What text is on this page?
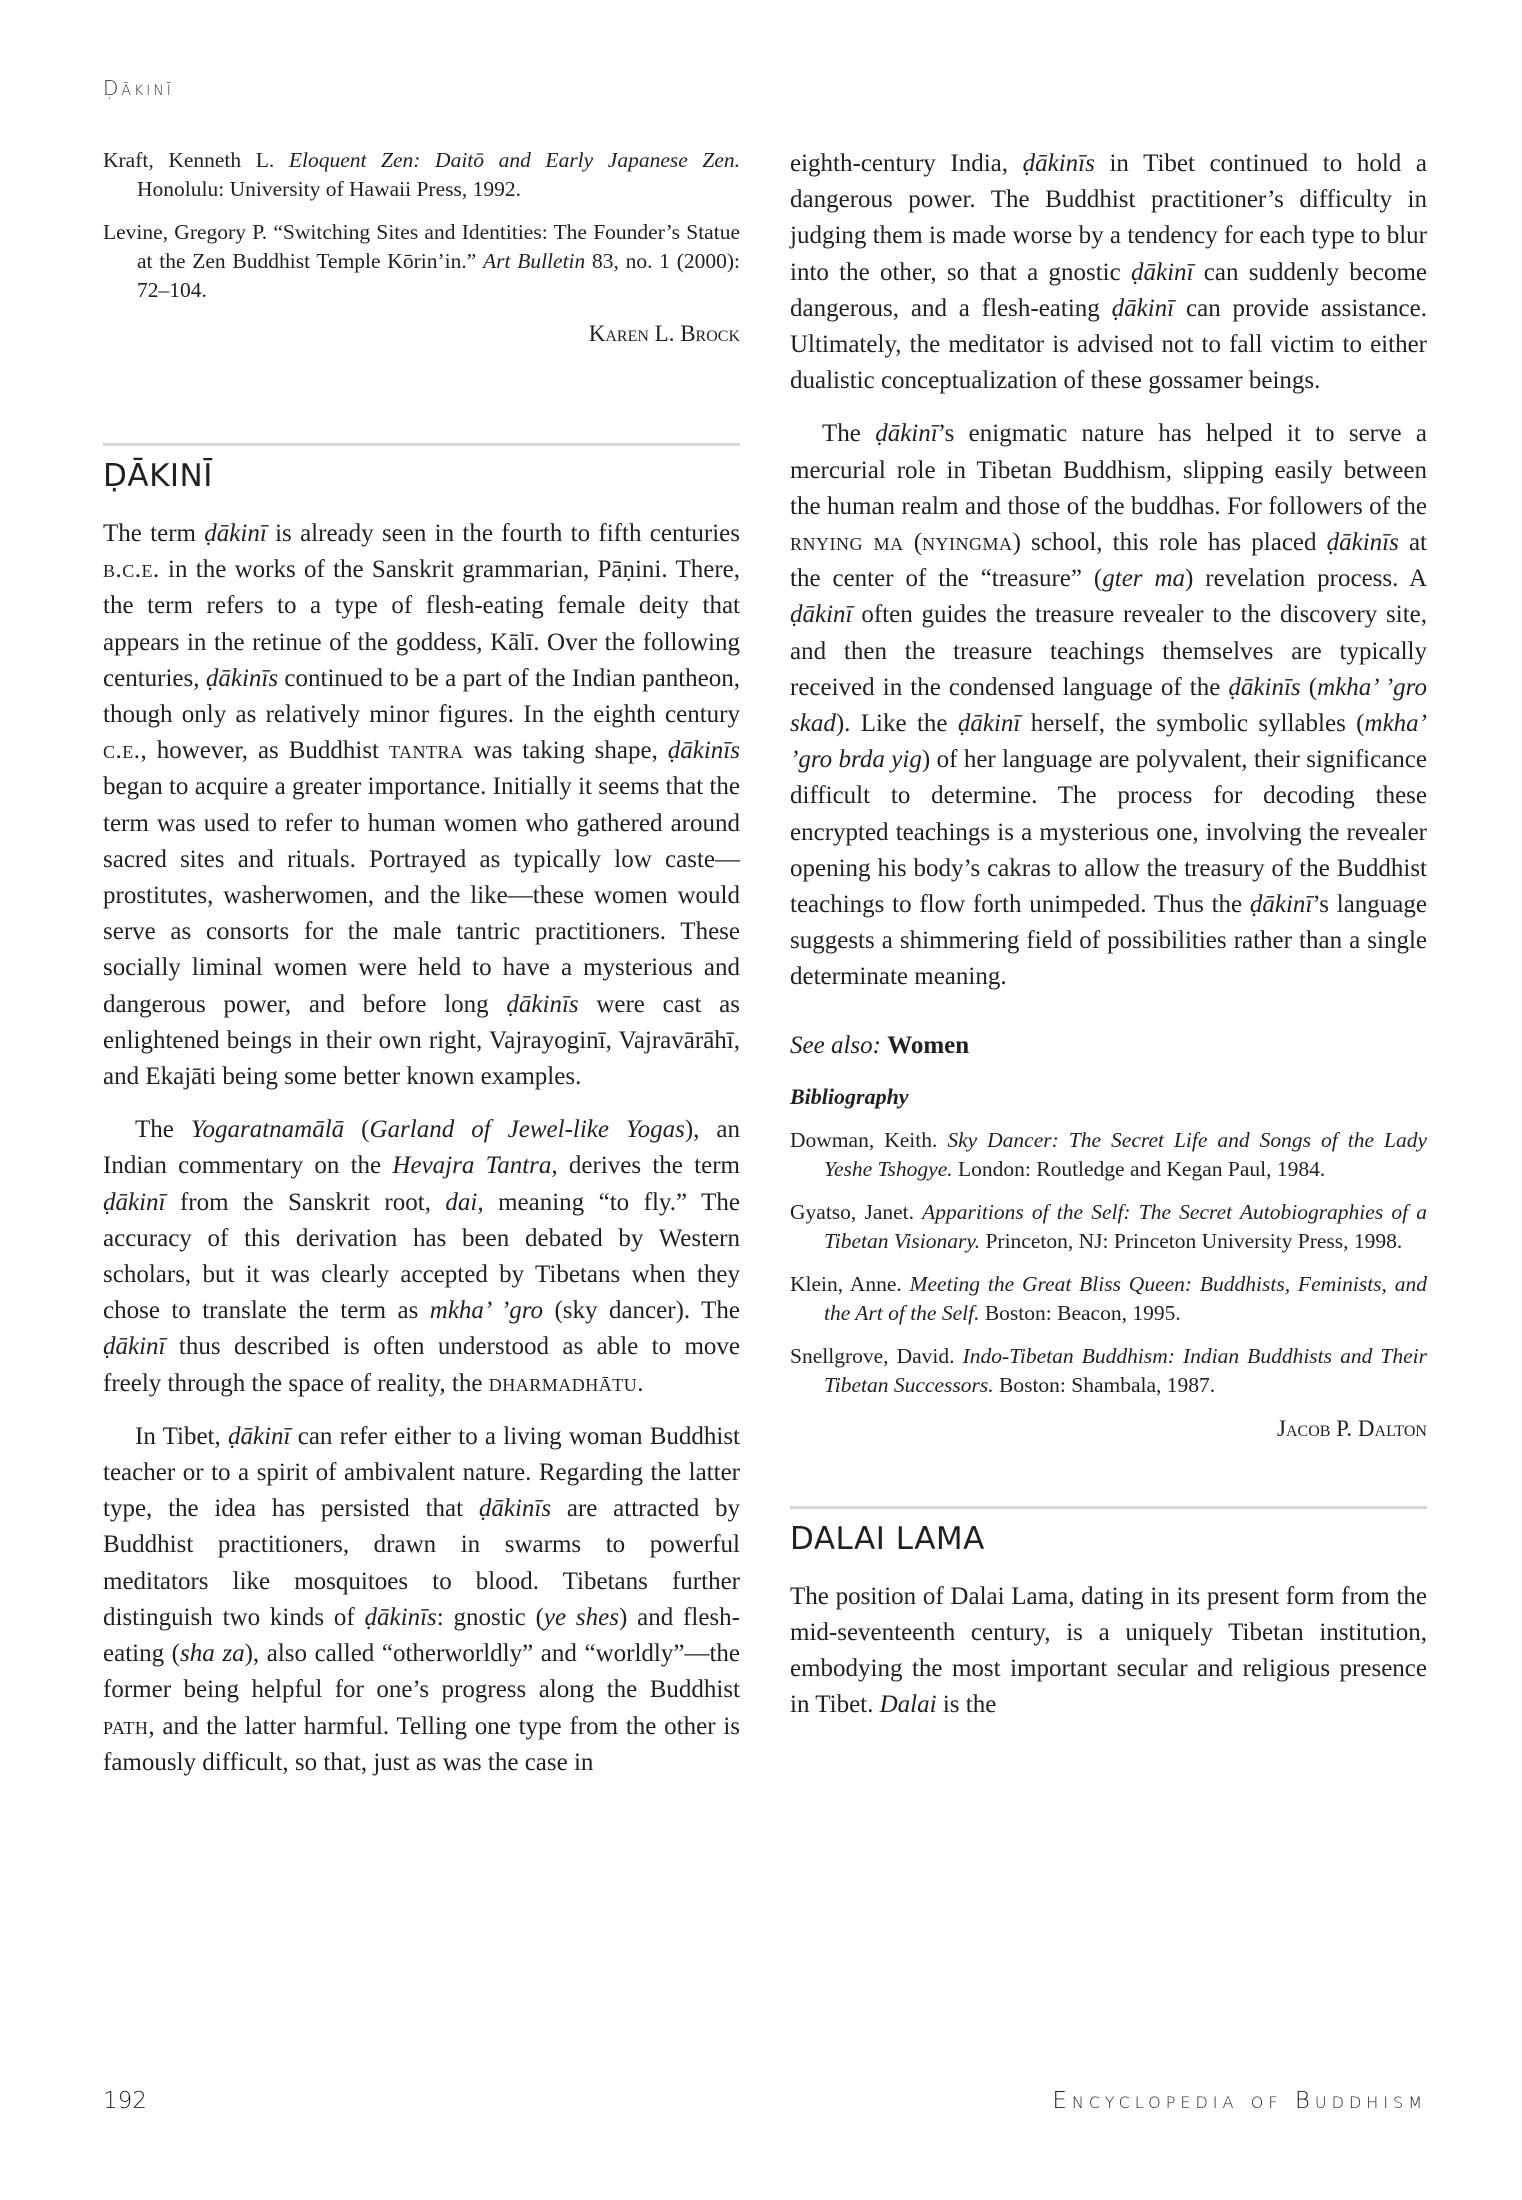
Ḍākinī

Kraft, Kenneth L. Eloquent Zen: Daitō and Early Japanese Zen. Honolulu: University of Hawaii Press, 1992.

Levine, Gregory P. “Switching Sites and Identities: The Founder’s Statue at the Zen Buddhist Temple Kōrin’in.” Art Bulletin 83, no. 1 (2000): 72–104.

Karen L. Brock
ḌĀKINĪ

The term ḍākinī is already seen in the fourth to fifth centuries b.c.e. in the works of the Sanskrit grammarian, Pāṇini. There, the term refers to a type of flesh-eating female deity that appears in the retinue of the goddess, Kālī. Over the following centuries, ḍākinīs continued to be a part of the Indian pantheon, though only as relatively minor figures. In the eighth century c.e., however, as Buddhist tantra was taking shape, ḍākinīs began to acquire a greater importance. Initially it seems that the term was used to refer to human women who gathered around sacred sites and rituals. Portrayed as typically low caste—prostitutes, washerwomen, and the like—these women would serve as consorts for the male tantric practitioners. These socially liminal women were held to have a mysterious and dangerous power, and before long ḍākinīs were cast as enlightened beings in their own right, Vajrayoginī, Vajravārāhī, and Ekajāti being some better known examples.

The Yogaratnamālā (Garland of Jewel-like Yogas), an Indian commentary on the Hevajra Tantra, derives the term ḍākinī from the Sanskrit root, dai, meaning “to fly.” The accuracy of this derivation has been debated by Western scholars, but it was clearly accepted by Tibetans when they chose to translate the term as mkha’ ’gro (sky dancer). The ḍākinī thus described is often understood as able to move freely through the space of reality, the dharmadhātu.

In Tibet, ḍākinī can refer either to a living woman Buddhist teacher or to a spirit of ambivalent nature. Regarding the latter type, the idea has persisted that ḍākinīs are attracted by Buddhist practitioners, drawn in swarms to powerful meditators like mosquitoes to blood. Tibetans further distinguish two kinds of ḍākinīs: gnostic (ye shes) and flesh-eating (sha za), also called “otherworldly” and “worldly”—the former being helpful for one’s progress along the Buddhist path, and the latter harmful. Telling one type from the other is famously difficult, so that, just as was the case in

eighth-century India, ḍākinīs in Tibet continued to hold a dangerous power. The Buddhist practitioner’s difficulty in judging them is made worse by a tendency for each type to blur into the other, so that a gnostic ḍākinī can suddenly become dangerous, and a flesh-eating ḍākinī can provide assistance. Ultimately, the meditator is advised not to fall victim to either dualistic conceptualization of these gossamer beings.

The ḍākinī’s enigmatic nature has helped it to serve a mercurial role in Tibetan Buddhism, slipping easily between the human realm and those of the buddhas. For followers of the rnying ma (nyingma) school, this role has placed ḍākinīs at the center of the “treasure” (gter ma) revelation process. A ḍākinī often guides the treasure revealer to the discovery site, and then the treasure teachings themselves are typically received in the condensed language of the ḍākinīs (mkha’ ’gro skad). Like the ḍākinī herself, the symbolic syllables (mkha’ ’gro brda yig) of her language are polyvalent, their significance difficult to determine. The process for decoding these encrypted teachings is a mysterious one, involving the revealer opening his body’s cakras to allow the treasury of the Buddhist teachings to flow forth unimpeded. Thus the ḍākinī’s language suggests a shimmering field of possibilities rather than a single determinate meaning.

See also: Women
Bibliography

Dowman, Keith. Sky Dancer: The Secret Life and Songs of the Lady Yeshe Tshogye. London: Routledge and Kegan Paul, 1984.

Gyatso, Janet. Apparitions of the Self: The Secret Autobiographies of a Tibetan Visionary. Princeton, NJ: Princeton University Press, 1998.

Klein, Anne. Meeting the Great Bliss Queen: Buddhists, Feminists, and the Art of the Self. Boston: Beacon, 1995.

Snellgrove, David. Indo-Tibetan Buddhism: Indian Buddhists and Their Tibetan Successors. Boston: Shambala, 1987.

Jacob P. Dalton
DALAI LAMA

The position of Dalai Lama, dating in its present form from the mid-seventeenth century, is a uniquely Tibetan institution, embodying the most important secular and religious presence in Tibet. Dalai is the

192	Encyclopedia of Buddhism
